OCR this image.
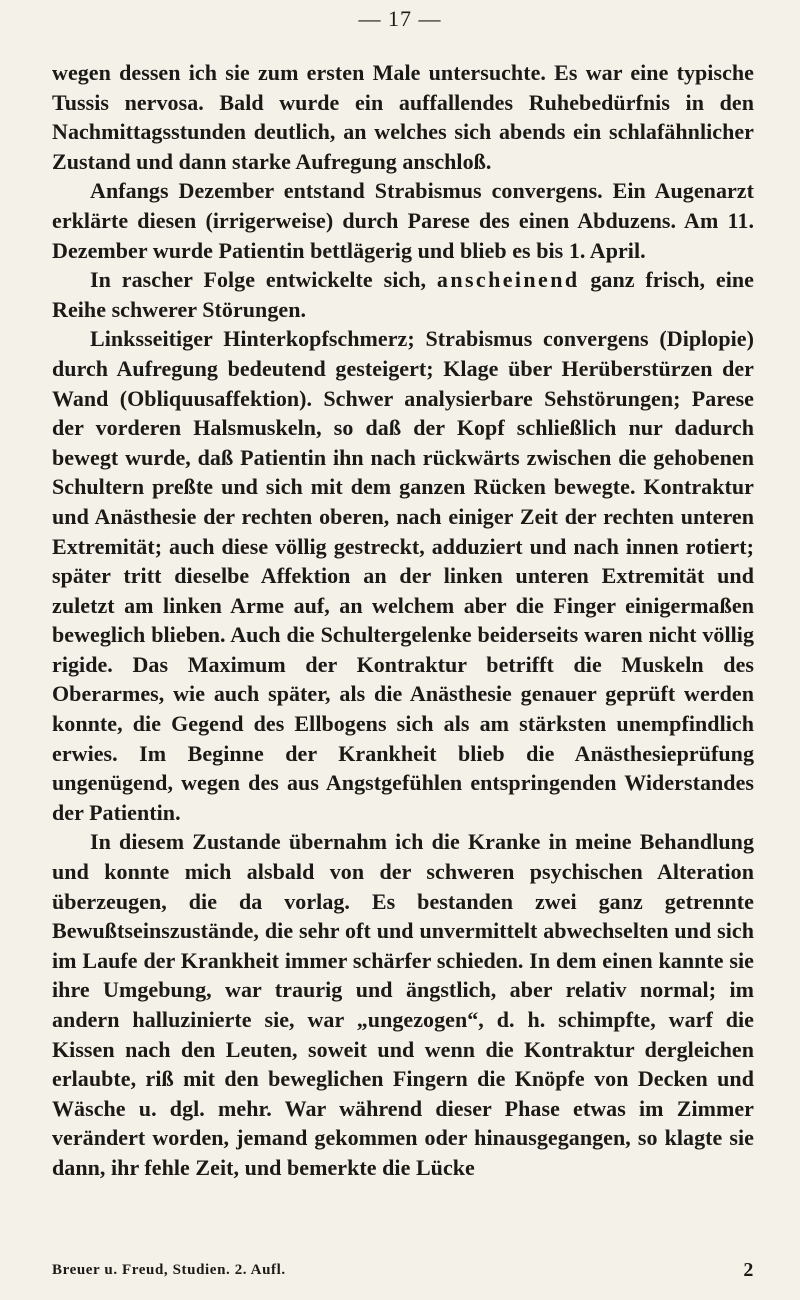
— 17 —

wegen dessen ich sie zum ersten Male untersuchte. Es war eine typische Tussis nervosa. Bald wurde ein auffallendes Ruhebedürfnis in den Nachmittagsstunden deutlich, an welches sich abends ein schlafähnlicher Zustand und dann starke Aufregung anschloß.

Anfangs Dezember entstand Strabismus convergens. Ein Augenarzt erklärte diesen (irrigerweise) durch Parese des einen Abduzens. Am 11. Dezember wurde Patientin bettlägerig und blieb es bis 1. April.

In rascher Folge entwickelte sich, anscheinend ganz frisch, eine Reihe schwerer Störungen.

Linksseitiger Hinterkopfschmerz; Strabismus convergens (Diplopie) durch Aufregung bedeutend gesteigert; Klage über Herüberstürzen der Wand (Obliquusaffektion). Schwer analysierbare Sehstörungen; Parese der vorderen Halsmuskeln, so daß der Kopf schließlich nur dadurch bewegt wurde, daß Patientin ihn nach rückwärts zwischen die gehobenen Schultern preßte und sich mit dem ganzen Rücken bewegte. Kontraktur und Anästhesie der rechten oberen, nach einiger Zeit der rechten unteren Extremität; auch diese völlig gestreckt, adduziert und nach innen rotiert; später tritt dieselbe Affektion an der linken unteren Extremität und zuletzt am linken Arme auf, an welchem aber die Finger einigermaßen beweglich blieben. Auch die Schultergelenke beiderseits waren nicht völlig rigide. Das Maximum der Kontraktur betrifft die Muskeln des Oberarmes, wie auch später, als die Anästhesie genauer geprüft werden konnte, die Gegend des Ellbogens sich als am stärksten unempfindlich erwies. Im Beginne der Krankheit blieb die Anästhesieprüfung ungenügend, wegen des aus Angstgefühlen entspringenden Widerstandes der Patientin.

In diesem Zustande übernahm ich die Kranke in meine Behandlung und konnte mich alsbald von der schweren psychischen Alteration überzeugen, die da vorlag. Es bestanden zwei ganz getrennte Bewußtseinszustände, die sehr oft und unvermittelt abwechselten und sich im Laufe der Krankheit immer schärfer schieden. In dem einen kannte sie ihre Umgebung, war traurig und ängstlich, aber relativ normal; im andern halluzinierte sie, war „ungezogen“, d. h. schimpfte, warf die Kissen nach den Leuten, soweit und wenn die Kontraktur dergleichen erlaubte, riß mit den beweglichen Fingern die Knöpfe von Decken und Wäsche u. dgl. mehr. War während dieser Phase etwas im Zimmer verändert worden, jemand gekommen oder hinausgegangen, so klagte sie dann, ihr fehle Zeit, und bemerkte die Lücke

Breuer u. Freud, Studien. 2. Aufl.	2
